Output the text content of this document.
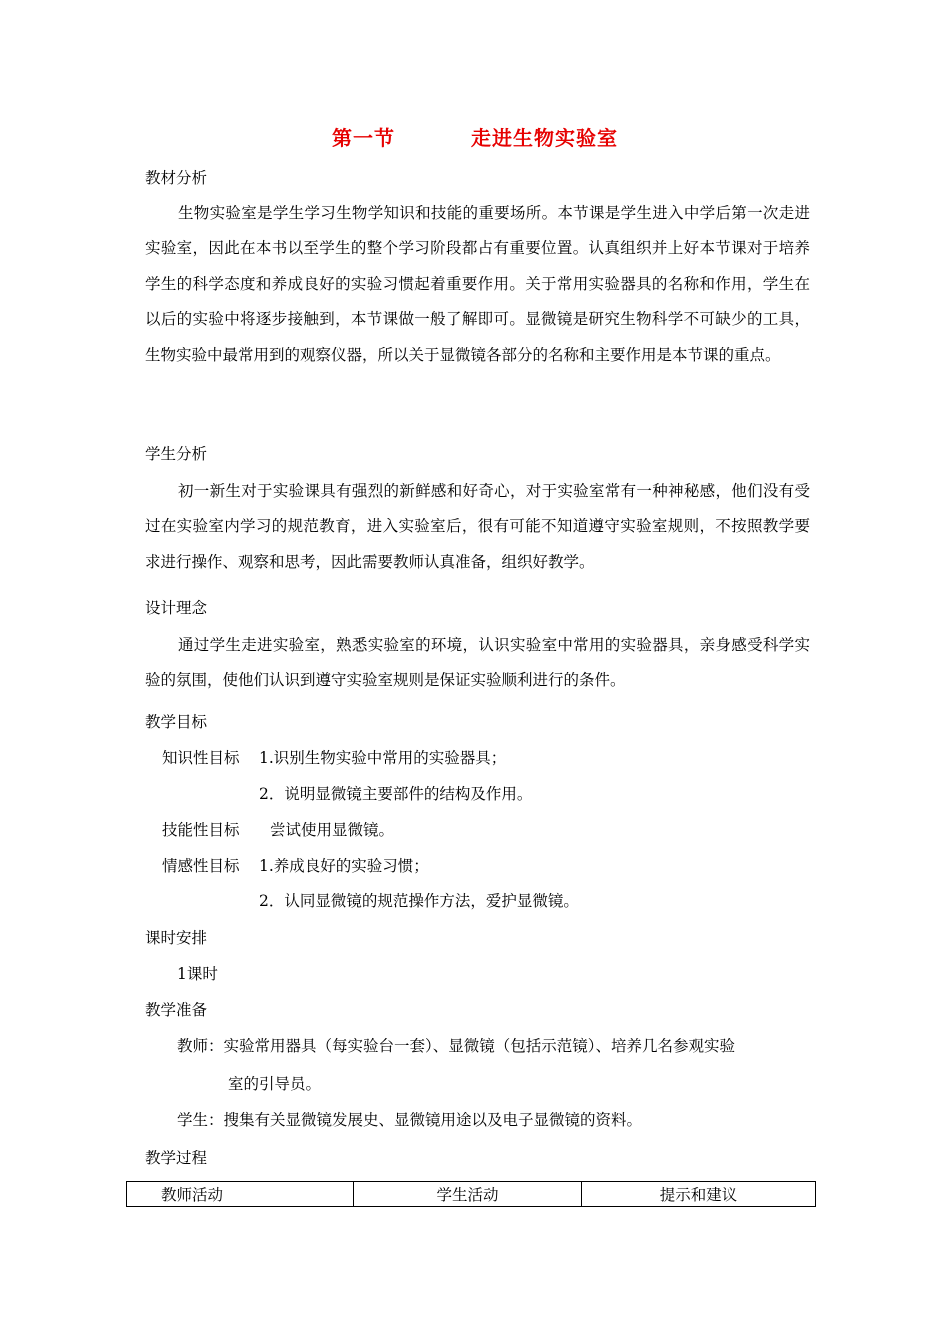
第一节	走进生物实验室
教材分析
生物实验室是学生学习生物学知识和技能的重要场所。本节课是学生进入中学后第一次走进实验室，因此在本书以至学生的整个学习阶段都占有重要位置。认真组织并上好本节课对于培养学生的科学态度和养成良好的实验习惯起着重要作用。关于常用实验器具的名称和作用，学生在以后的实验中将逐步接触到，本节课做一般了解即可。显微镜是研究生物科学不可缺少的工具，生物实验中最常用到的观察仪器，所以关于显微镜各部分的名称和主要作用是本节课的重点。
学生分析
初一新生对于实验课具有强烈的新鲜感和好奇心，对于实验室常有一种神秘感，他们没有受过在实验室内学习的规范教育，进入实验室后，很有可能不知道遵守实验室规则，不按照教学要求进行操作、观察和思考，因此需要教师认真准备，组织好教学。
设计理念
通过学生走进实验室，熟悉实验室的环境，认识实验室中常用的实验器具，亲身感受科学实验的氛围，使他们认识到遵守实验室规则是保证实验顺利进行的条件。
教学目标
知识性目标 1.识别生物实验中常用的实验器具；
2．说明显微镜主要部件的结构及作用。
技能性目标 尝试使用显微镜。
情感性目标 1.养成良好的实验习惯；
2．认同显微镜的规范操作方法，爱护显微镜。
课时安排
1课时
教学准备
教师：实验常用器具（每实验台一套）、显微镜（包括示范镜）、培养几名参观实验
室的引导员。
学生：搜集有关显微镜发展史、显微镜用途以及电子显微镜的资料。
教学过程
教师活动	学生活动	提示和建议
